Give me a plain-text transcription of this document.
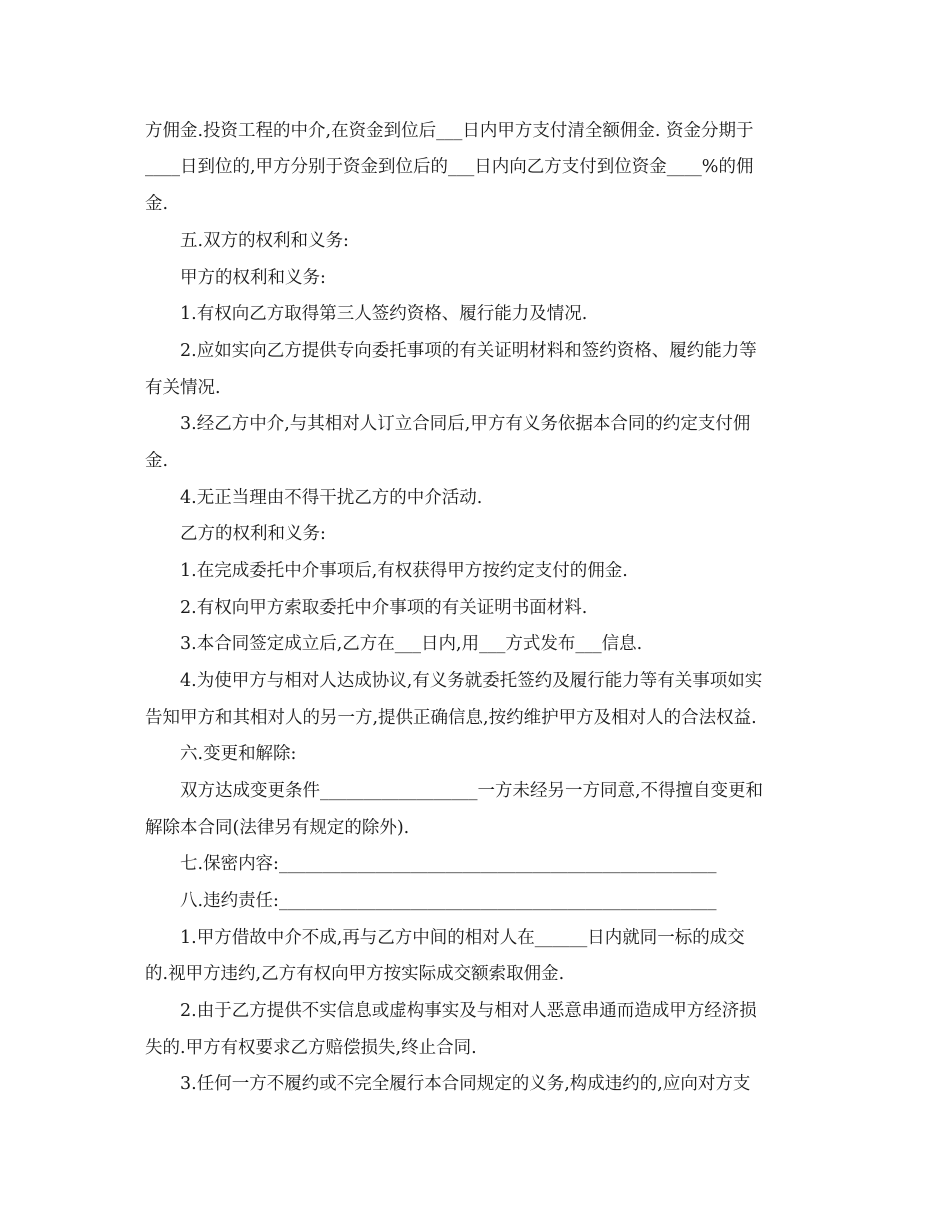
方佣金.投资工程的中介,在资金到位后___日内甲方支付清全额佣金. 资金分期于
____日到位的,甲方分别于资金到位后的___日内向乙方支付到位资金____%的佣
金.
五.双方的权利和义务:
甲方的权利和义务:
1.有权向乙方取得第三人签约资格、履行能力及情况.
2.应如实向乙方提供专向委托事项的有关证明材料和签约资格、履约能力等
有关情况.
3.经乙方中介,与其相对人订立合同后,甲方有义务依据本合同的约定支付佣
金.
4.无正当理由不得干扰乙方的中介活动.
乙方的权利和义务:
1.在完成委托中介事项后,有权获得甲方按约定支付的佣金.
2.有权向甲方索取委托中介事项的有关证明书面材料.
3.本合同签定成立后,乙方在___日内,用___方式发布___信息.
4.为使甲方与相对人达成协议,有义务就委托签约及履行能力等有关事项如实
告知甲方和其相对人的另一方,提供正确信息,按约维护甲方及相对人的合法权益.
六.变更和解除:
双方达成变更条件__________________一方未经另一方同意,不得擅自变更和
解除本合同(法律另有规定的除外).
七.保密内容:__________________________________________________
八.违约责任:__________________________________________________
1.甲方借故中介不成,再与乙方中间的相对人在______日内就同一标的成交
的.视甲方违约,乙方有权向甲方按实际成交额索取佣金.
2.由于乙方提供不实信息或虚构事实及与相对人恶意串通而造成甲方经济损
失的.甲方有权要求乙方赔偿损失,终止合同.
3.任何一方不履约或不完全履行本合同规定的义务,构成违约的,应向对方支
